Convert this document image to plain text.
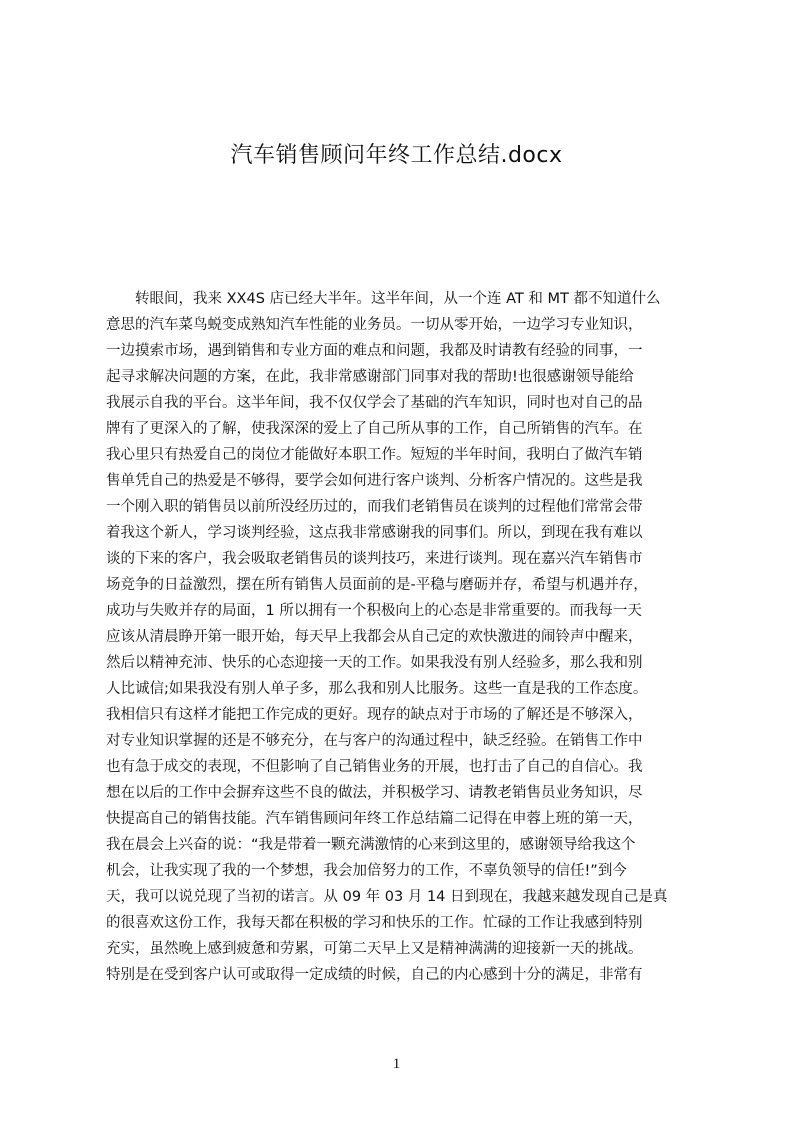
汽车销售顾问年终工作总结.docx
　　转眼间，我来 XX4S 店已经大半年。这半年间，从一个连 AT 和 MT 都不知道什么
意思的汽车菜鸟蜕变成熟知汽车性能的业务员。一切从零开始，一边学习专业知识，
一边摸索市场，遇到销售和专业方面的难点和问题，我都及时请教有经验的同事，一
起寻求解决问题的方案，在此，我非常感谢部门同事对我的帮助!也很感谢领导能给
我展示自我的平台。这半年间，我不仅仅学会了基础的汽车知识，同时也对自己的品
牌有了更深入的了解，使我深深的爱上了自己所从事的工作，自己所销售的汽车。在
我心里只有热爱自己的岗位才能做好本职工作。短短的半年时间，我明白了做汽车销
售单凭自己的热爱是不够得，要学会如何进行客户谈判、分析客户情况的。这些是我
一个刚入职的销售员以前所没经历过的，而我们老销售员在谈判的过程他们常常会带
着我这个新人，学习谈判经验，这点我非常感谢我的同事们。所以，到现在我有难以
谈的下来的客户，我会吸取老销售员的谈判技巧，来进行谈判。现在嘉兴汽车销售市
场竞争的日益激烈，摆在所有销售人员面前的是-平稳与磨砺并存，希望与机遇并存，
成功与失败并存的局面，1 所以拥有一个积极向上的心态是非常重要的。而我每一天
应该从清晨睁开第一眼开始，每天早上我都会从自己定的欢快激进的闹铃声中醒来，
然后以精神充沛、快乐的心态迎接一天的工作。如果我没有别人经验多，那么我和别
人比诚信;如果我没有别人单子多，那么我和别人比服务。这些一直是我的工作态度。
我相信只有这样才能把工作完成的更好。现存的缺点对于市场的了解还是不够深入，
对专业知识掌握的还是不够充分，在与客户的沟通过程中，缺乏经验。在销售工作中
也有急于成交的表现，不但影响了自己销售业务的开展，也打击了自己的自信心。我
想在以后的工作中会摒弃这些不良的做法，并积极学习、请教老销售员业务知识，尽
快提高自己的销售技能。汽车销售顾问年终工作总结篇二记得在申蓉上班的第一天，
我在晨会上兴奋的说：“我是带着一颗充满激情的心来到这里的，感谢领导给我这个
机会，让我实现了我的一个梦想，我会加倍努力的工作，不辜负领导的信任!”到今
天，我可以说兑现了当初的诺言。从 09 年 03 月 14 日到现在，我越来越发现自己是真
的很喜欢这份工作，我每天都在积极的学习和快乐的工作。忙碌的工作让我感到特别
充实，虽然晚上感到疲惫和劳累，可第二天早上又是精神满满的迎接新一天的挑战。
特别是在受到客户认可或取得一定成绩的时候，自己的内心感到十分的满足，非常有
1
